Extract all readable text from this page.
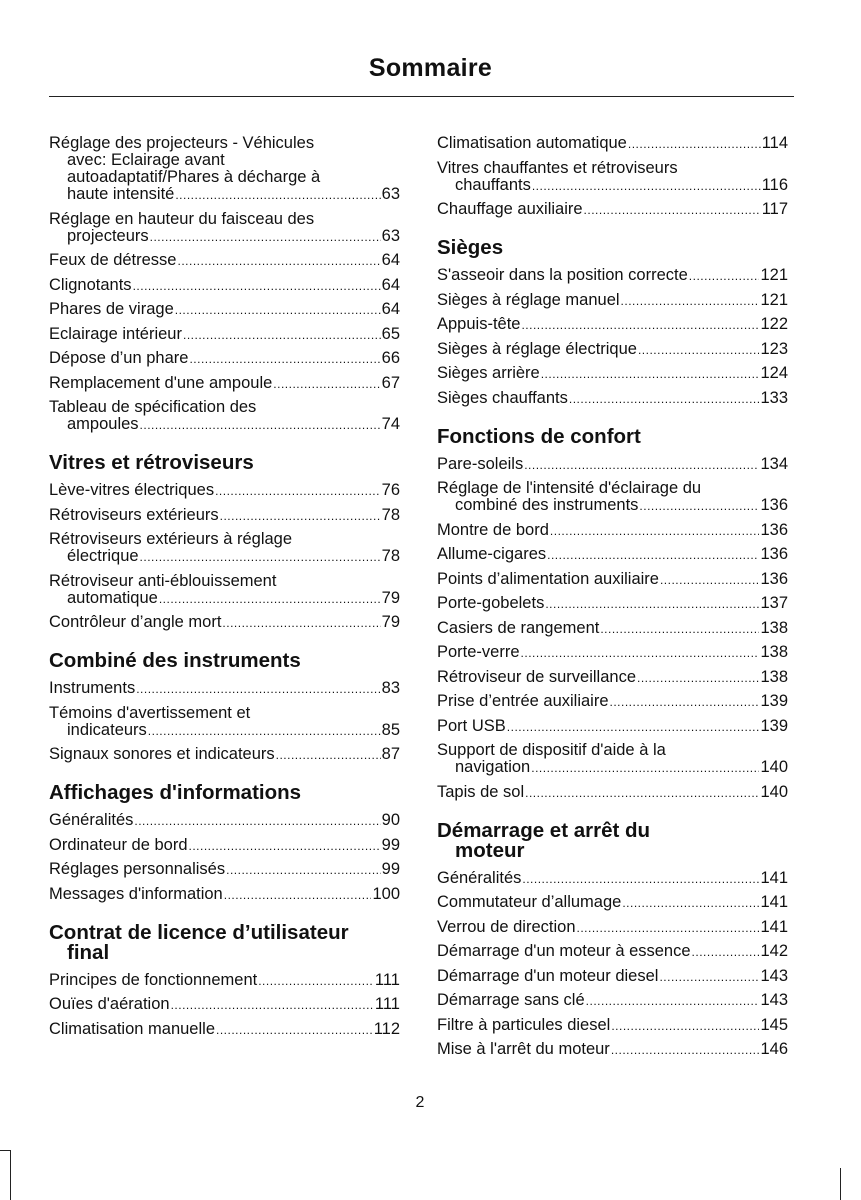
Sommaire
Réglage des projecteurs - Véhicules
avec: Eclairage avant
autoadaptatif/Phares à décharge à
haute intensité .....	63
Réglage en hauteur du faisceau des
projecteurs .....	63
Feux de détresse .....	64
Clignotants .....	64
Phares de virage .....	64
Eclairage intérieur .....	65
Dépose d’un phare .....	66
Remplacement d'une ampoule .....	67
Tableau de spécification des
ampoules .....	74
Vitres et rétroviseurs
Lève-vitres électriques .....	76
Rétroviseurs extérieurs .....	78
Rétroviseurs extérieurs à réglage
électrique .....	78
Rétroviseur anti-éblouissement
automatique .....	79
Contrôleur d’angle mort .....	79
Combiné des instruments
Instruments .....	83
Témoins d'avertissement et
indicateurs .....	85
Signaux sonores et indicateurs .....	87
Affichages d'informations
Généralités .....	90
Ordinateur de bord .....	99
Réglages personnalisés .....	99
Messages d'information .....	100
Contrat de licence d’utilisateur
final
Principes de fonctionnement .....	111
Ouïes d'aération .....	111
Climatisation manuelle .....	112
Climatisation automatique .....	114
Vitres chauffantes et rétroviseurs
chauffants .....	116
Chauffage auxiliaire .....	117
Sièges
S'asseoir dans la position correcte .....	121
Sièges à réglage manuel .....	121
Appuis-tête .....	122
Sièges à réglage électrique .....	123
Sièges arrière .....	124
Sièges chauffants .....	133
Fonctions de confort
Pare-soleils .....	134
Réglage de l'intensité d'éclairage du
combiné des instruments .....	136
Montre de bord .....	136
Allume-cigares .....	136
Points d’alimentation auxiliaire .....	136
Porte-gobelets .....	137
Casiers de rangement .....	138
Porte-verre .....	138
Rétroviseur de surveillance .....	138
Prise d’entrée auxiliaire .....	139
Port USB .....	139
Support de dispositif d'aide à la
navigation .....	140
Tapis de sol .....	140
Démarrage et arrêt du
moteur
Généralités .....	141
Commutateur d’allumage .....	141
Verrou de direction .....	141
Démarrage d'un moteur à essence .....	142
Démarrage d'un moteur diesel .....	143
Démarrage sans clé .....	143
Filtre à particules diesel .....	145
Mise à l'arrêt du moteur .....	146
2
